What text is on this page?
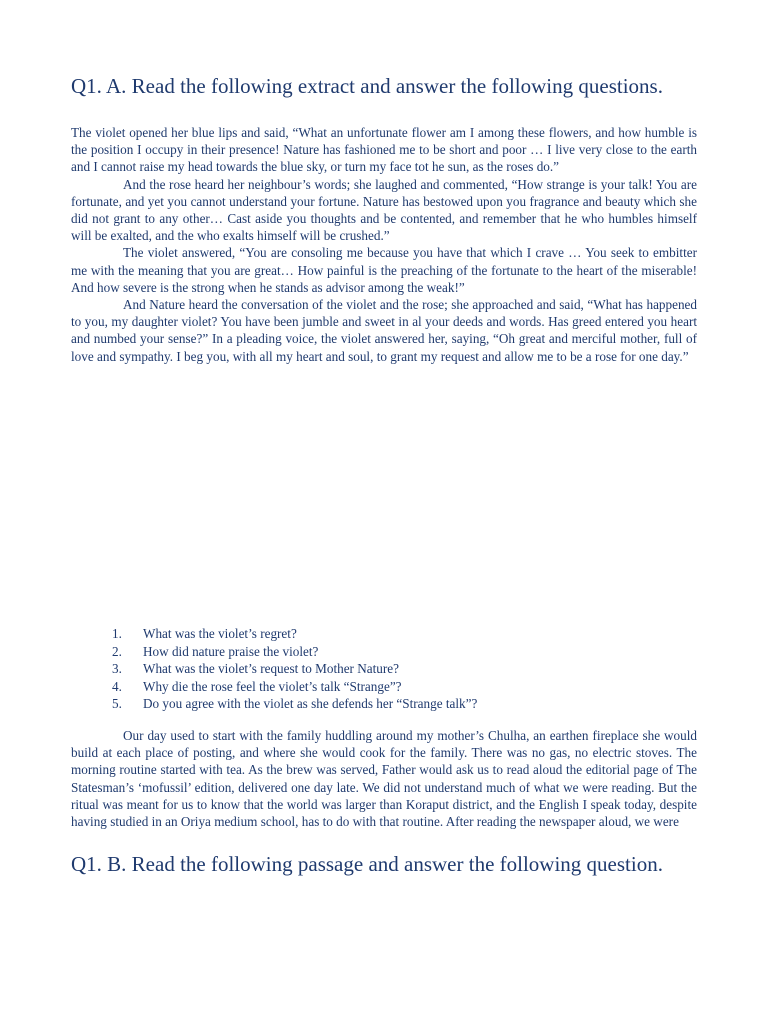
Q1. A. Read the following extract and answer the following questions.

The violet opened her blue lips and said, “What an unfortunate flower am I among these flowers, and how humble is the position I occupy in their presence! Nature has fashioned me to be short and poor … I live very close to the earth and I cannot raise my head towards the blue sky, or turn my face tot he sun, as the roses do.”

And the rose heard her neighbour’s words; she laughed and commented, “How strange is your talk! You are fortunate, and yet you cannot understand your fortune. Nature has bestowed upon you fragrance and beauty which she did not grant to any other… Cast aside you thoughts and be contented, and remember that he who humbles himself will be exalted, and the who exalts himself will be crushed.”

The violet answered, “You are consoling me because you have that which I crave … You seek to embitter me with the meaning that you are great… How painful is the preaching of the fortunate to the heart of the miserable! And how severe is the strong when he stands as advisor among the weak!”

And Nature heard the conversation of the violet and the rose; she approached and said, “What has happened to you, my daughter violet? You have been jumble and sweet in al your deeds and words. Has greed entered you heart and numbed your sense?” In a pleading voice, the violet answered her, saying, “Oh great and merciful mother, full of love and sympathy. I beg you, with all my heart and soul, to grant my request and allow me to be a rose for one day.”

1.	What was the violet’s regret?
2.	How did nature praise the violet?
3.	What was the violet’s request to Mother Nature?
4.	Why die the rose feel the violet’s talk “Strange”?
5.	Do you agree with the violet as she defends her “Strange talk”?

Our day used to start with the family huddling around my mother’s Chulha, an earthen fireplace she would build at each place of posting, and where she would cook for the family. There was no gas, no electric stoves. The morning routine started with tea. As the brew was served, Father would ask us to read aloud the editorial page of The Statesman’s ‘mofussil’ edition, delivered one day late. We did not understand much of what we were reading. But the ritual was meant for us to know that the world was larger than Koraput district, and the English I speak today, despite having studied in an Oriya medium school, has to do with that routine. After reading the newspaper aloud, we were

Q1. B. Read the following passage and answer the following question.
